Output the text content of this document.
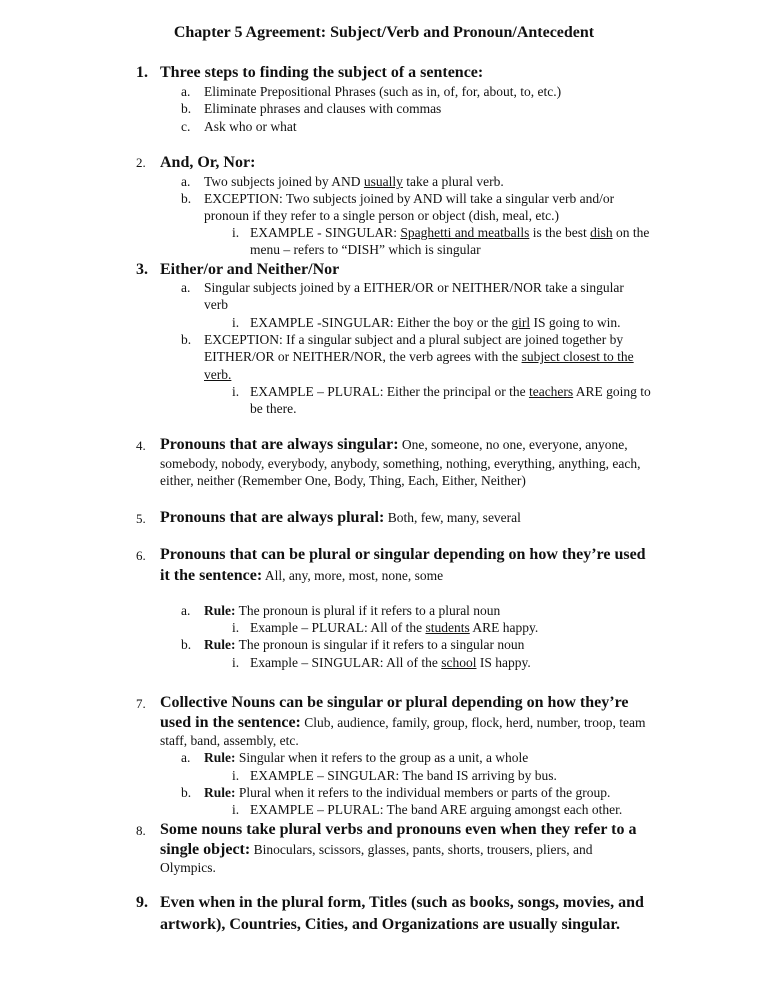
Chapter 5 Agreement: Subject/Verb and Pronoun/Antecedent
1. Three steps to finding the subject of a sentence:
a. Eliminate Prepositional Phrases (such as in, of, for, about, to, etc.)
b. Eliminate phrases and clauses with commas
c. Ask who or what
2. And, Or, Nor:
a. Two subjects joined by AND usually take a plural verb.
b. EXCEPTION: Two subjects joined by AND will take a singular verb and/or
pronoun if they refer to a single person or object (dish, meal, etc.)
i. EXAMPLE - SINGULAR: Spaghetti and meatballs is the best dish on the
menu – refers to “DISH” which is singular
3. Either/or and Neither/Nor
a. Singular subjects joined by a EITHER/OR or NEITHER/NOR take a singular
verb
i. EXAMPLE -SINGULAR: Either the boy or the girl IS going to win.
b. EXCEPTION: If a singular subject and a plural subject are joined together by
EITHER/OR or NEITHER/NOR, the verb agrees with the subject closest to the
verb.
i. EXAMPLE – PLURAL: Either the principal or the teachers ARE going to
be there.
4. Pronouns that are always singular: One, someone, no one, everyone, anyone,
somebody, nobody, everybody, anybody, something, nothing, everything, anything, each,
either, neither (Remember One, Body, Thing, Each, Either, Neither)
5. Pronouns that are always plural: Both, few, many, several
6. Pronouns that can be plural or singular depending on how they’re used
it the sentence: All, any, more, most, none, some
a. Rule: The pronoun is plural if it refers to a plural noun
i. Example – PLURAL: All of the students ARE happy.
b. Rule: The pronoun is singular if it refers to a singular noun
i. Example – SINGULAR: All of the school IS happy.
7. Collective Nouns can be singular or plural depending on how they’re
used in the sentence: Club, audience, family, group, flock, herd, number, troop, team
staff, band, assembly, etc.
a. Rule: Singular when it refers to the group as a unit, a whole
i. EXAMPLE – SINGULAR: The band IS arriving by bus.
b. Rule: Plural when it refers to the individual members or parts of the group.
i. EXAMPLE – PLURAL: The band ARE arguing amongst each other.
8. Some nouns take plural verbs and pronouns even when they refer to a
single object: Binoculars, scissors, glasses, pants, shorts, trousers, pliers, and
Olympics.
9. Even when in the plural form, Titles (such as books, songs, movies, and
artwork), Countries, Cities, and Organizations are usually singular.
